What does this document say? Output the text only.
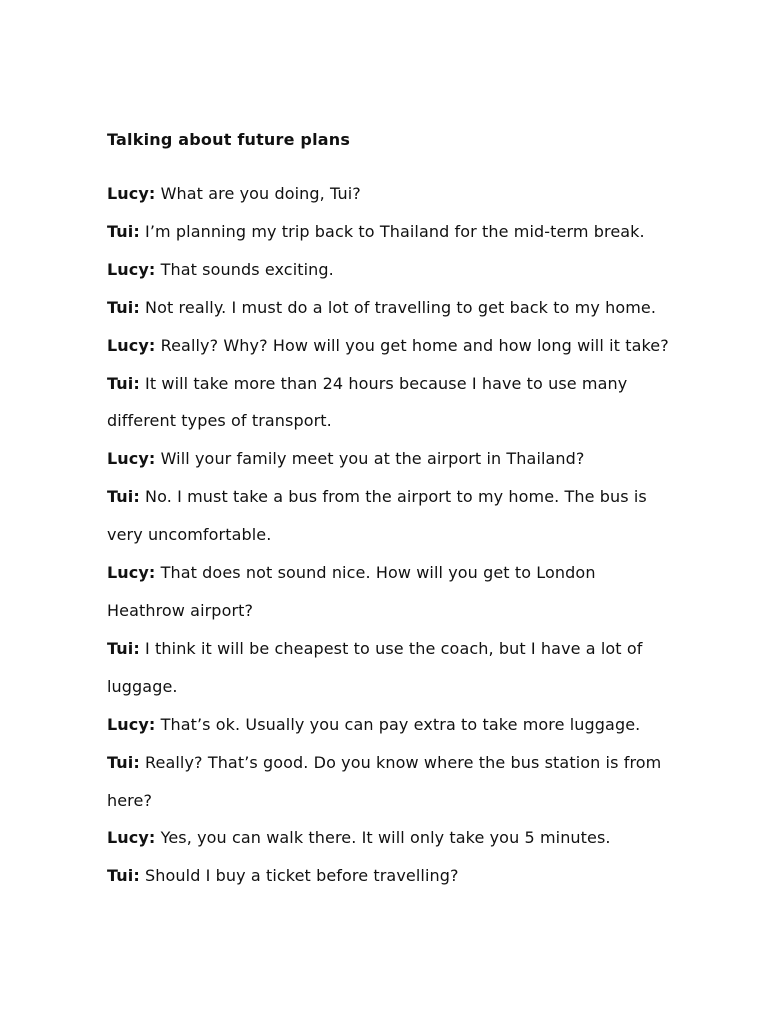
Talking about future plans

Lucy: What are you doing, Tui?

Tui: I’m planning my trip back to Thailand for the mid-term break.

Lucy: That sounds exciting.

Tui: Not really. I must do a lot of travelling to get back to my home.

Lucy: Really? Why? How will you get home and how long will it take?

Tui: It will take more than 24 hours because I have to use many different types of transport.

Lucy: Will your family meet you at the airport in Thailand?

Tui: No. I must take a bus from the airport to my home. The bus is very uncomfortable.

Lucy: That does not sound nice. How will you get to London Heathrow airport?

Tui: I think it will be cheapest to use the coach, but I have a lot of luggage.

Lucy: That’s ok. Usually you can pay extra to take more luggage.

Tui: Really? That’s good. Do you know where the bus station is from here?

Lucy: Yes, you can walk there. It will only take you 5 minutes.

Tui: Should I buy a ticket before travelling?
